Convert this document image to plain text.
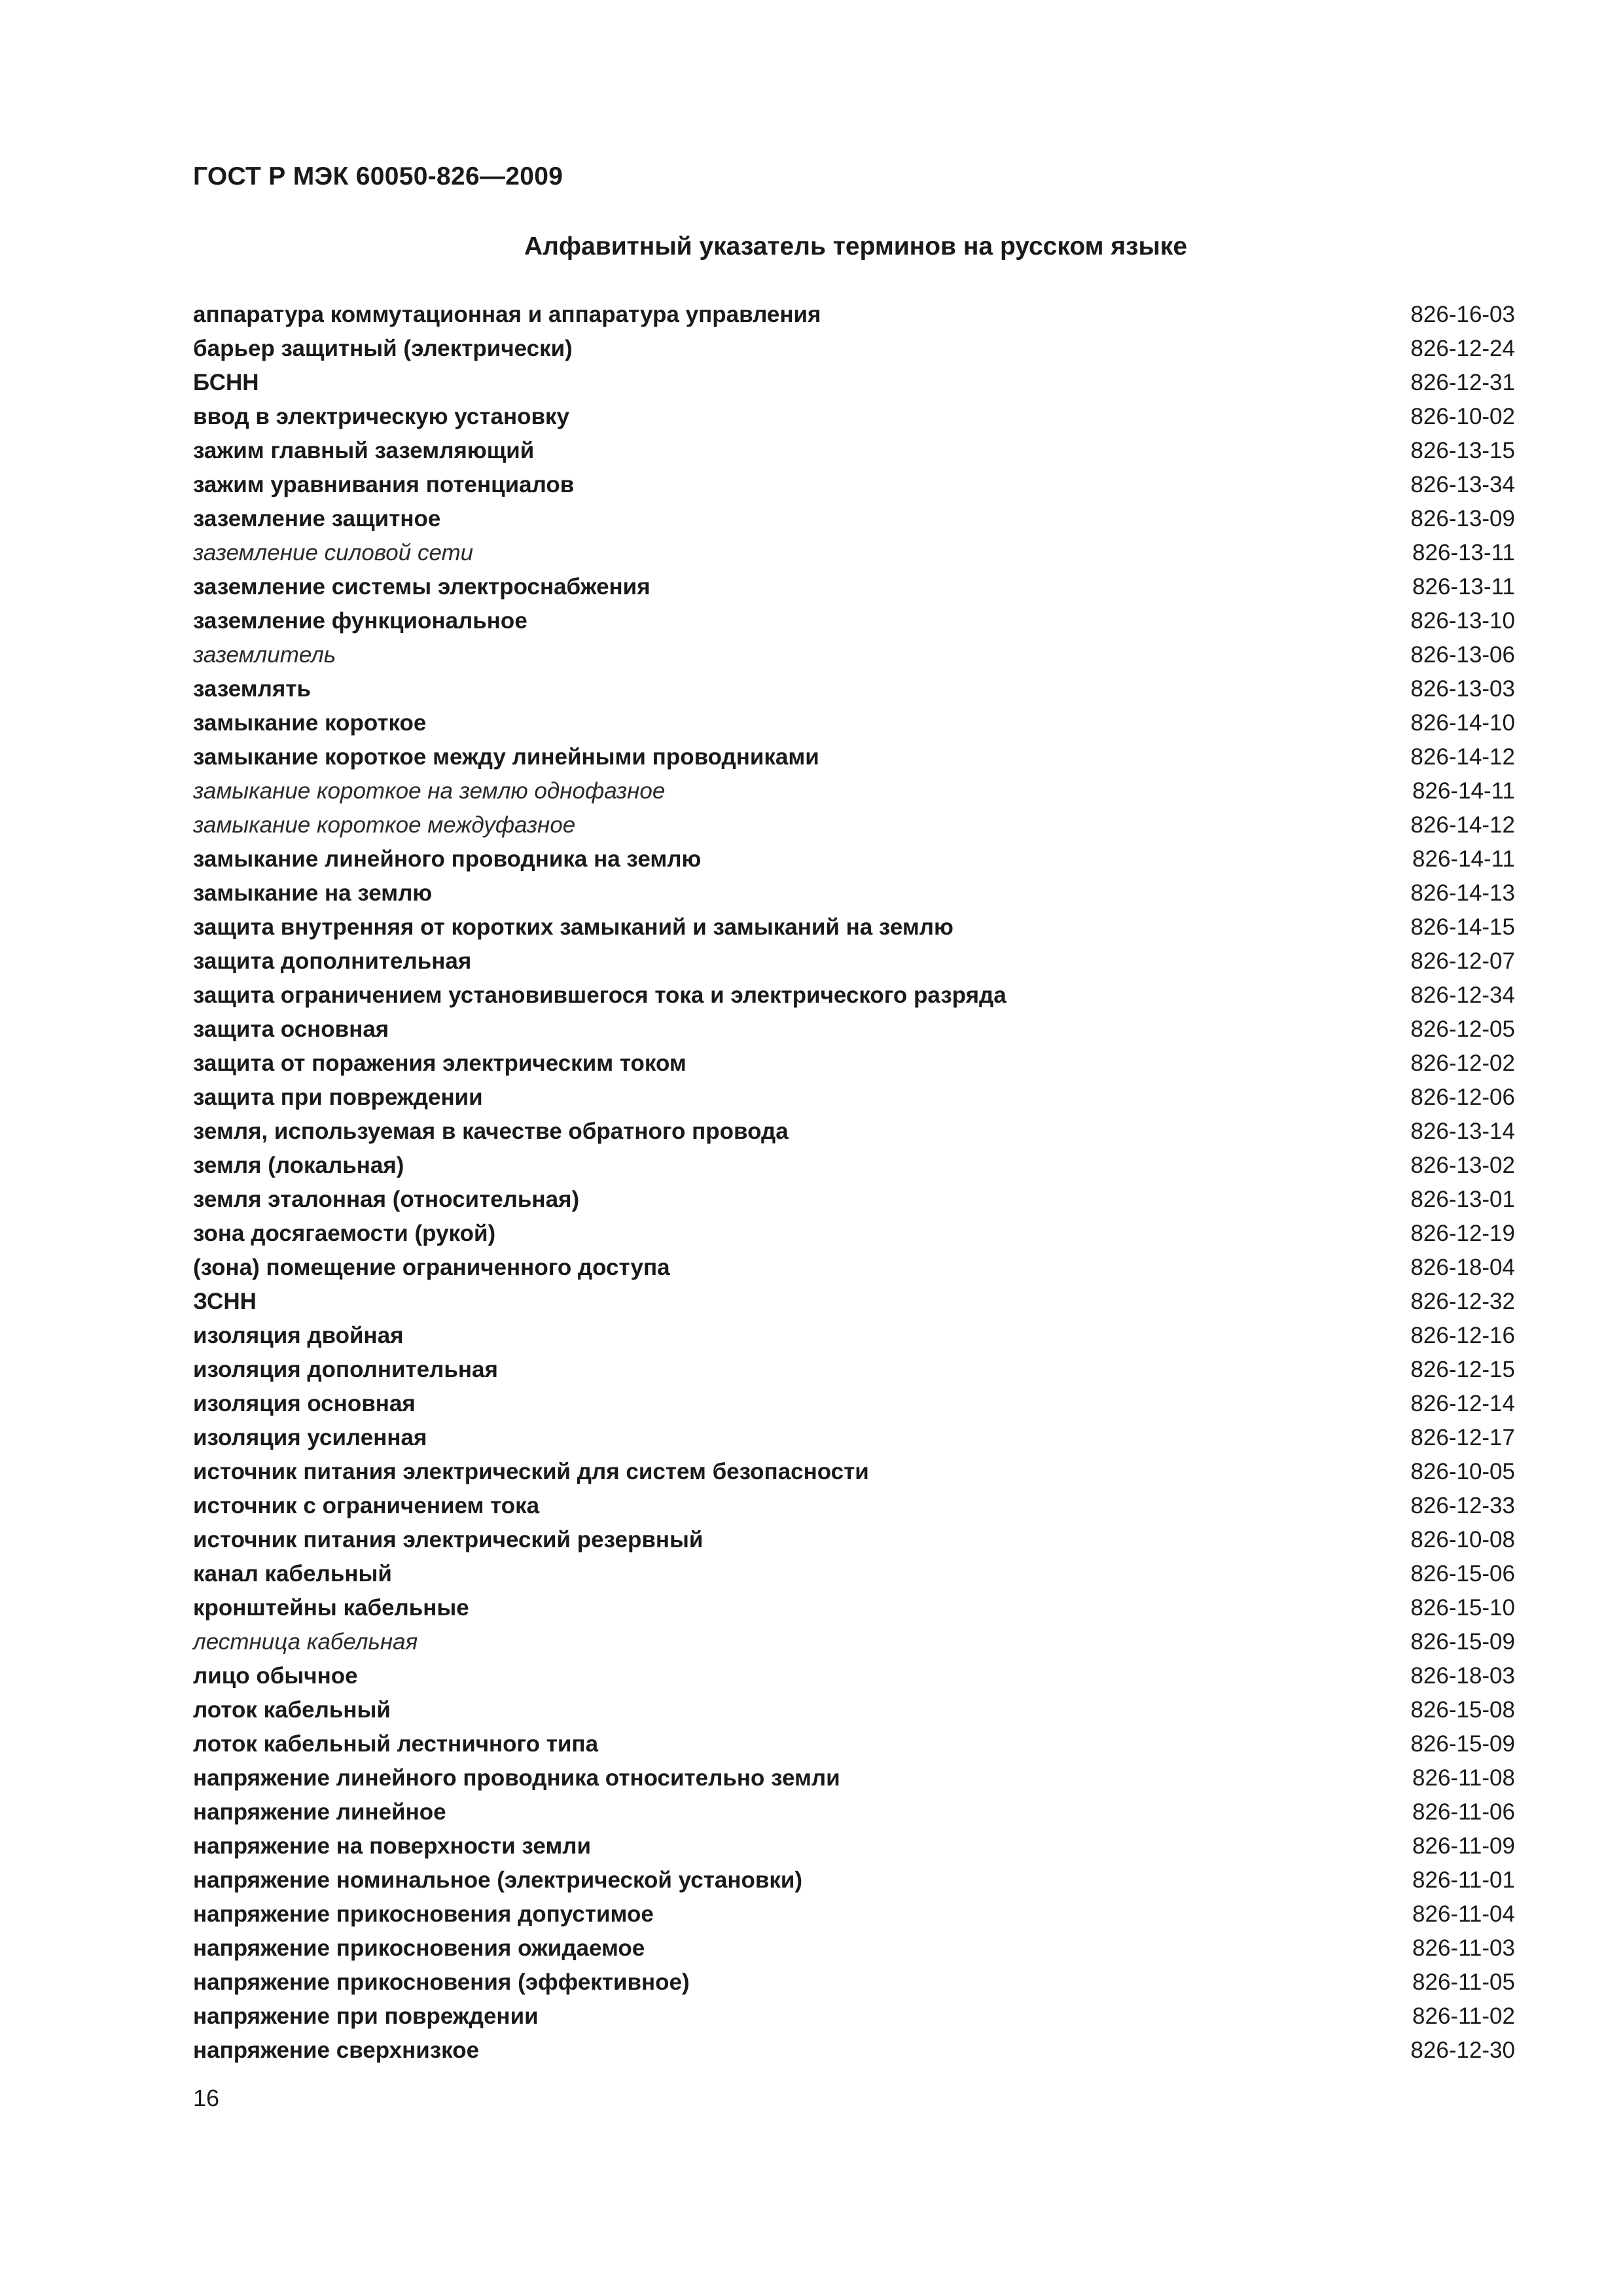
ГОСТ Р МЭК 60050-826—2009
Алфавитный указатель терминов на русском языке
аппаратура коммутационная и аппаратура управления	826-16-03
барьер защитный (электрически)	826-12-24
БСНН	826-12-31
ввод в электрическую установку	826-10-02
зажим главный заземляющий	826-13-15
зажим уравнивания потенциалов	826-13-34
заземление защитное	826-13-09
заземление силовой сети	826-13-11
заземление системы электроснабжения	826-13-11
заземление функциональное	826-13-10
заземлитель	826-13-06
заземлять	826-13-03
замыкание короткое	826-14-10
замыкание короткое между линейными проводниками	826-14-12
замыкание короткое на землю однофазное	826-14-11
замыкание короткое междуфазное	826-14-12
замыкание линейного проводника на землю	826-14-11
замыкание на землю	826-14-13
защита внутренняя от коротких замыканий и замыканий на землю	826-14-15
защита дополнительная	826-12-07
защита ограничением установившегося тока и электрического разряда	826-12-34
защита основная	826-12-05
защита от поражения электрическим током	826-12-02
защита при повреждении	826-12-06
земля, используемая в качестве обратного провода	826-13-14
земля (локальная)	826-13-02
земля эталонная (относительная)	826-13-01
зона досягаемости (рукой)	826-12-19
(зона) помещение ограниченного доступа	826-18-04
ЗСНН	826-12-32
изоляция двойная	826-12-16
изоляция дополнительная	826-12-15
изоляция основная	826-12-14
изоляция усиленная	826-12-17
источник питания электрический для систем безопасности	826-10-05
источник с ограничением тока	826-12-33
источник питания электрический резервный	826-10-08
канал кабельный	826-15-06
кронштейны кабельные	826-15-10
лестница кабельная	826-15-09
лицо обычное	826-18-03
лоток кабельный	826-15-08
лоток кабельный лестничного типа	826-15-09
напряжение линейного проводника относительно земли	826-11-08
напряжение линейное	826-11-06
напряжение на поверхности земли	826-11-09
напряжение номинальное (электрической установки)	826-11-01
напряжение прикосновения допустимое	826-11-04
напряжение прикосновения ожидаемое	826-11-03
напряжение прикосновения (эффективное)	826-11-05
напряжение при повреждении	826-11-02
напряжение сверхнизкое	826-12-30
16
